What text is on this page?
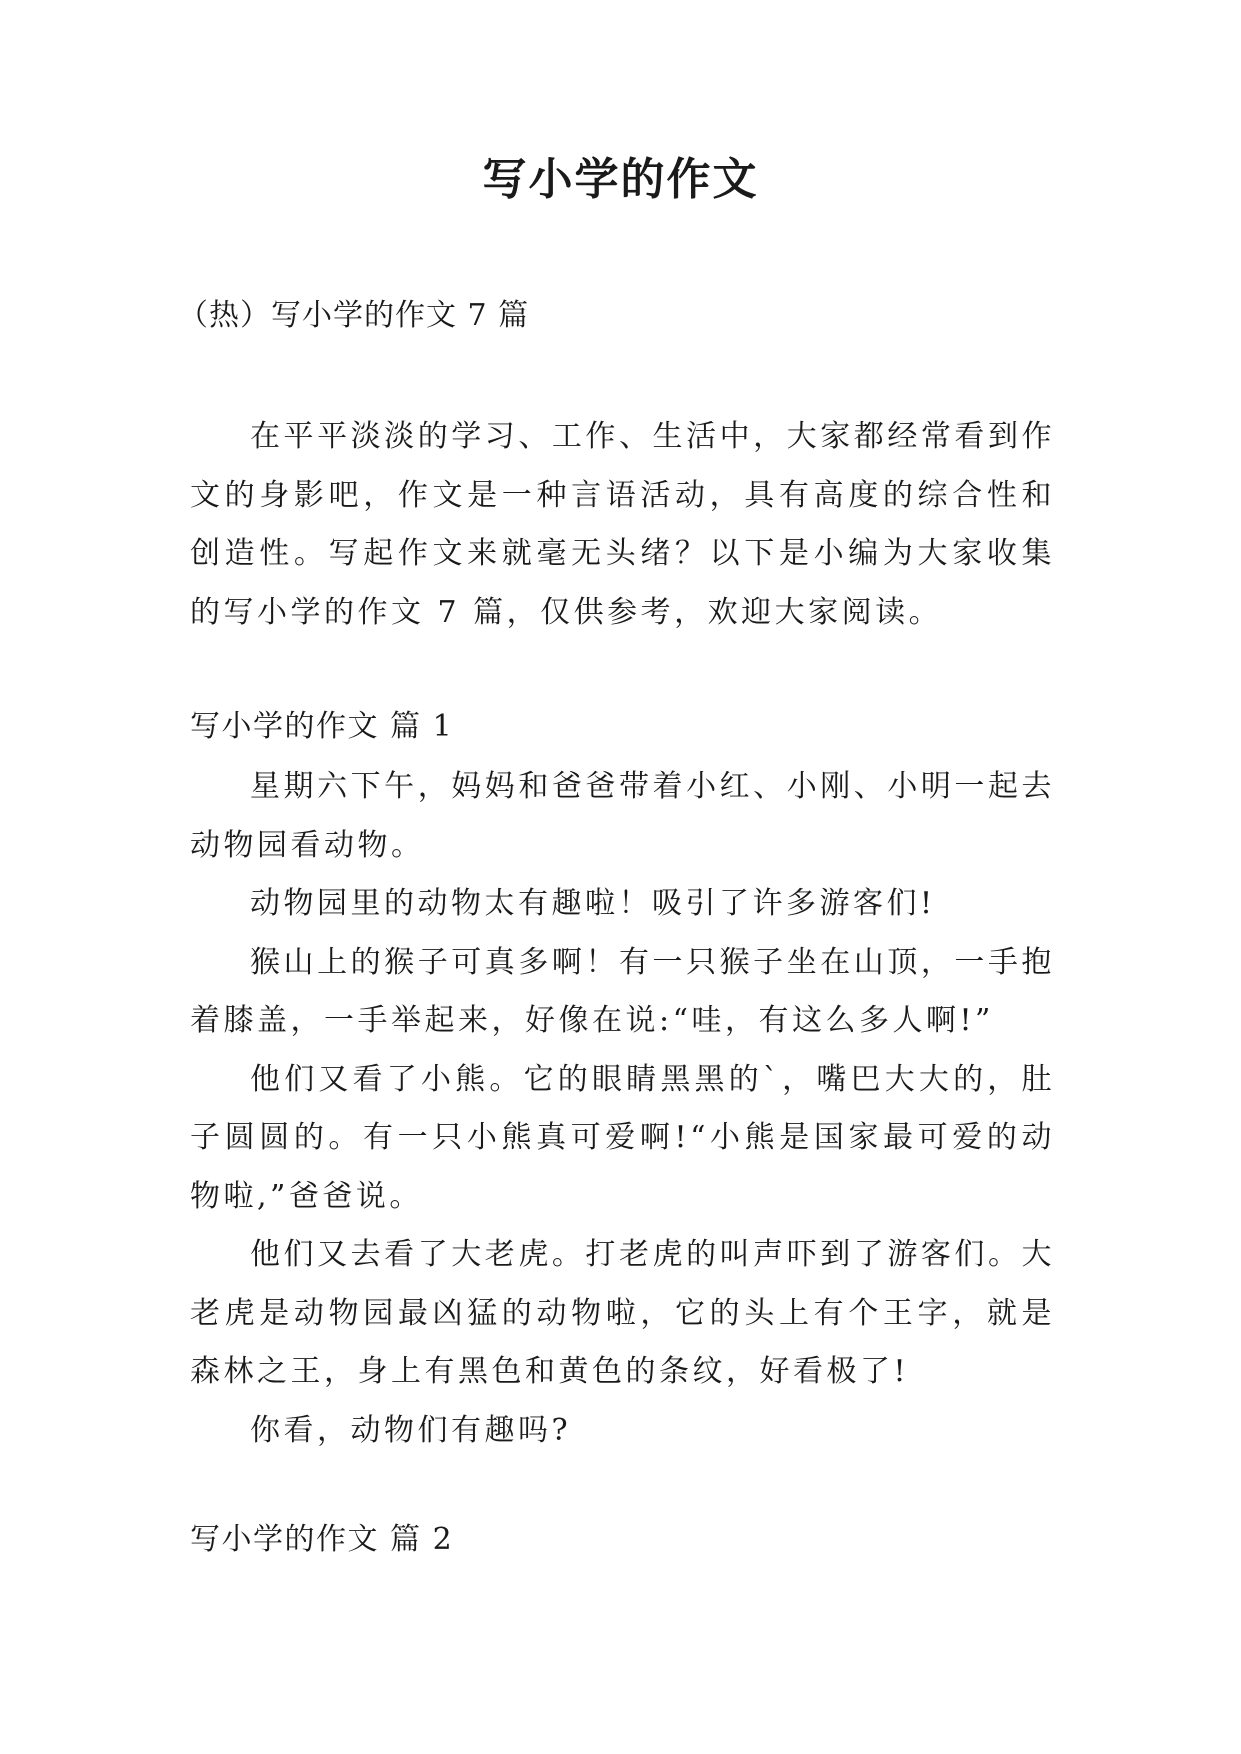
写小学的作文
（热）写小学的作文 7 篇

在平平淡淡的学习、工作、生活中，大家都经常看到作文的身影吧，作文是一种言语活动，具有高度的综合性和创造性。写起作文来就毫无头绪？以下是小编为大家收集的写小学的作文 7 篇，仅供参考，欢迎大家阅读。

写小学的作文 篇 1

星期六下午，妈妈和爸爸带着小红、小刚、小明一起去动物园看动物。

动物园里的动物太有趣啦！吸引了许多游客们!

猴山上的猴子可真多啊！有一只猴子坐在山顶，一手抱着膝盖，一手举起来，好像在说:“哇，有这么多人啊!”

他们又看了小熊。它的眼睛黑黑的`，嘴巴大大的，肚子圆圆的。有一只小熊真可爱啊!“小熊是国家最可爱的动物啦,”爸爸说。

他们又去看了大老虎。打老虎的叫声吓到了游客们。大老虎是动物园最凶猛的动物啦，它的头上有个王字，就是森林之王，身上有黑色和黄色的条纹，好看极了!

你看，动物们有趣吗?

写小学的作文 篇 2
